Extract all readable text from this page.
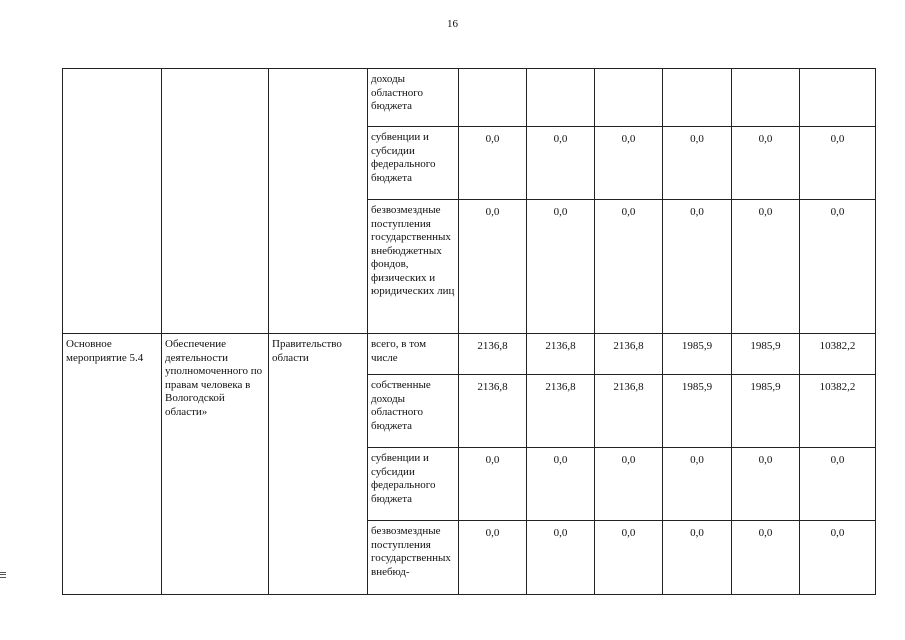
16
			доходы областного бюджета						
			субвенции и субсидии федерального бюджета	0,0	0,0	0,0	0,0	0,0	0,0
			безвозмездные поступления государственных внебюджетных фондов, физических и юридических лиц	0,0	0,0	0,0	0,0	0,0	0,0
Основное мероприятие 5.4	Обеспечение деятельности уполномоченного по правам человека в Вологодской области»	Правительство области	всего, в том числе	2136,8	2136,8	2136,8	1985,9	1985,9	10382,2
			собственные доходы областного бюджета	2136,8	2136,8	2136,8	1985,9	1985,9	10382,2
			субвенции и субсидии федерального бюджета	0,0	0,0	0,0	0,0	0,0	0,0
			безвозмездные поступления государственных внебюд-	0,0	0,0	0,0	0,0	0,0	0,0
